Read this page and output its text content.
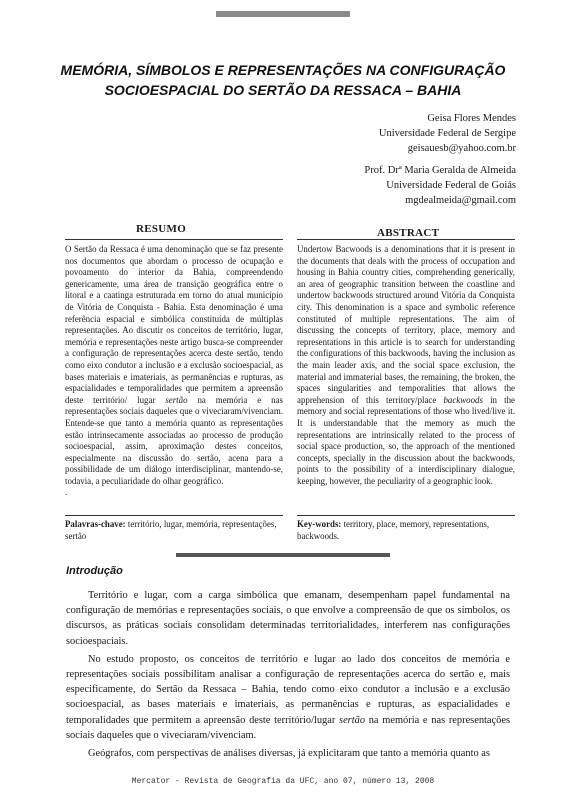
MEMÓRIA, SÍMBOLOS E REPRESENTAÇÕES NA CONFIGURAÇÃO
SOCIOESPACIAL DO SERTÃO DA RESSACA – BAHIA
Geisa Flores Mendes
Universidade Federal de Sergipe
geisauesb@yahoo.com.br
Prof. Drª Maria Geralda de Almeida
Universidade Federal de Goiás
mgdealmeida@gmail.com
RESUMO	ABSTRACT
O Sertão da Ressaca é uma denominação que se faz presente nos documentos que abordam o processo de ocupação e povoamento do interior da Bahia, compreendendo genericamente, uma área de transição geográfica entre o litoral e a caatinga estruturada em torno do atual município de Vitória de Conquista - Bahia. Esta denominação é uma referência espacial e simbólica constituída de múltiplas representações. Ao discutir os conceitos de território, lugar, memória e representações neste artigo busca-se compreender a configuração de representações acerca deste sertão, tendo como eixo condutor a inclusão e a exclusão socioespacial, as bases materiais e imateriais, as permanências e rupturas, as espacialidades e temporalidades que permitem a apreensão deste território/ lugar sertão na memória e nas representações sociais daqueles que o viveciaram/vivenciam. Entende-se que tanto a memória quanto as representações estão intrinsecamente associadas ao processo de produção socioespacial, assim, aproximação destes conceitos, especialmente na discussão do sertão, acena para a possibilidade de um diálogo interdisciplinar, mantendo-se, todavia, a peculiaridade do olhar geográfico.
.
Undertow Bacwoods is a denominations that it is present in the documents that deals with the process of occupation and housing in Bahia country cities, comprehending generically, an area of geographic transition between the coastline and undertow backwoods structured around Vitória da Conquista city. This denomination is a space and symbolic reference constituted of multiple representations. The aim of discussing the concepts of territory, place, memory and representations in this article is to search for understanding the configurations of this backwoods, having the inclusion as the main leader axis, and the social space exclusion, the material and immaterial bases, the remaining, the broken, the spaces singularities and temporalities that allows the apprehension of this territory/place backwoods in the memory and social representations of those who lived/live it. It is understandable that the memory as much the representations are intrinsically related to the process of social space production, so, the approach of the mentioned concepts, specially in the discussion about the backwoods, points to the possibility of a interdisciplinary dialogue, keeping, however, the peculiarity of a geographic look.
Palavras-chave: território, lugar, memória, representações, sertão
Key-words: territory, place, memory, representations, backwoods.
Introdução

Território e lugar, com a carga simbólica que emanam, desempenham papel fundamental na configuração de memórias e representações sociais, o que envolve a compreensão de que os símbolos, os discursos, as práticas sociais consolidam determinadas territorialidades, interferem nas configurações socioespaciais.

No estudo proposto, os conceitos de território e lugar ao lado dos conceitos de memória e representações sociais possibilitam analisar a configuração de representações acerca do sertão e, mais especificamente, do Sertão da Ressaca – Bahia, tendo como eixo condutor a inclusão e a exclusão socioespacial, as bases materiais e imateriais, as permanências e rupturas, as espacialidades e temporalidades que permitem a apreensão deste território/lugar sertão na memória e nas representações sociais daqueles que o viveciaram/vivenciam.

Geógrafos, com perspectivas de análises diversas, já explicitaram que tanto a memória quanto as

Mercator - Revista de Geografia da UFC, ano 07, número 13, 2008
